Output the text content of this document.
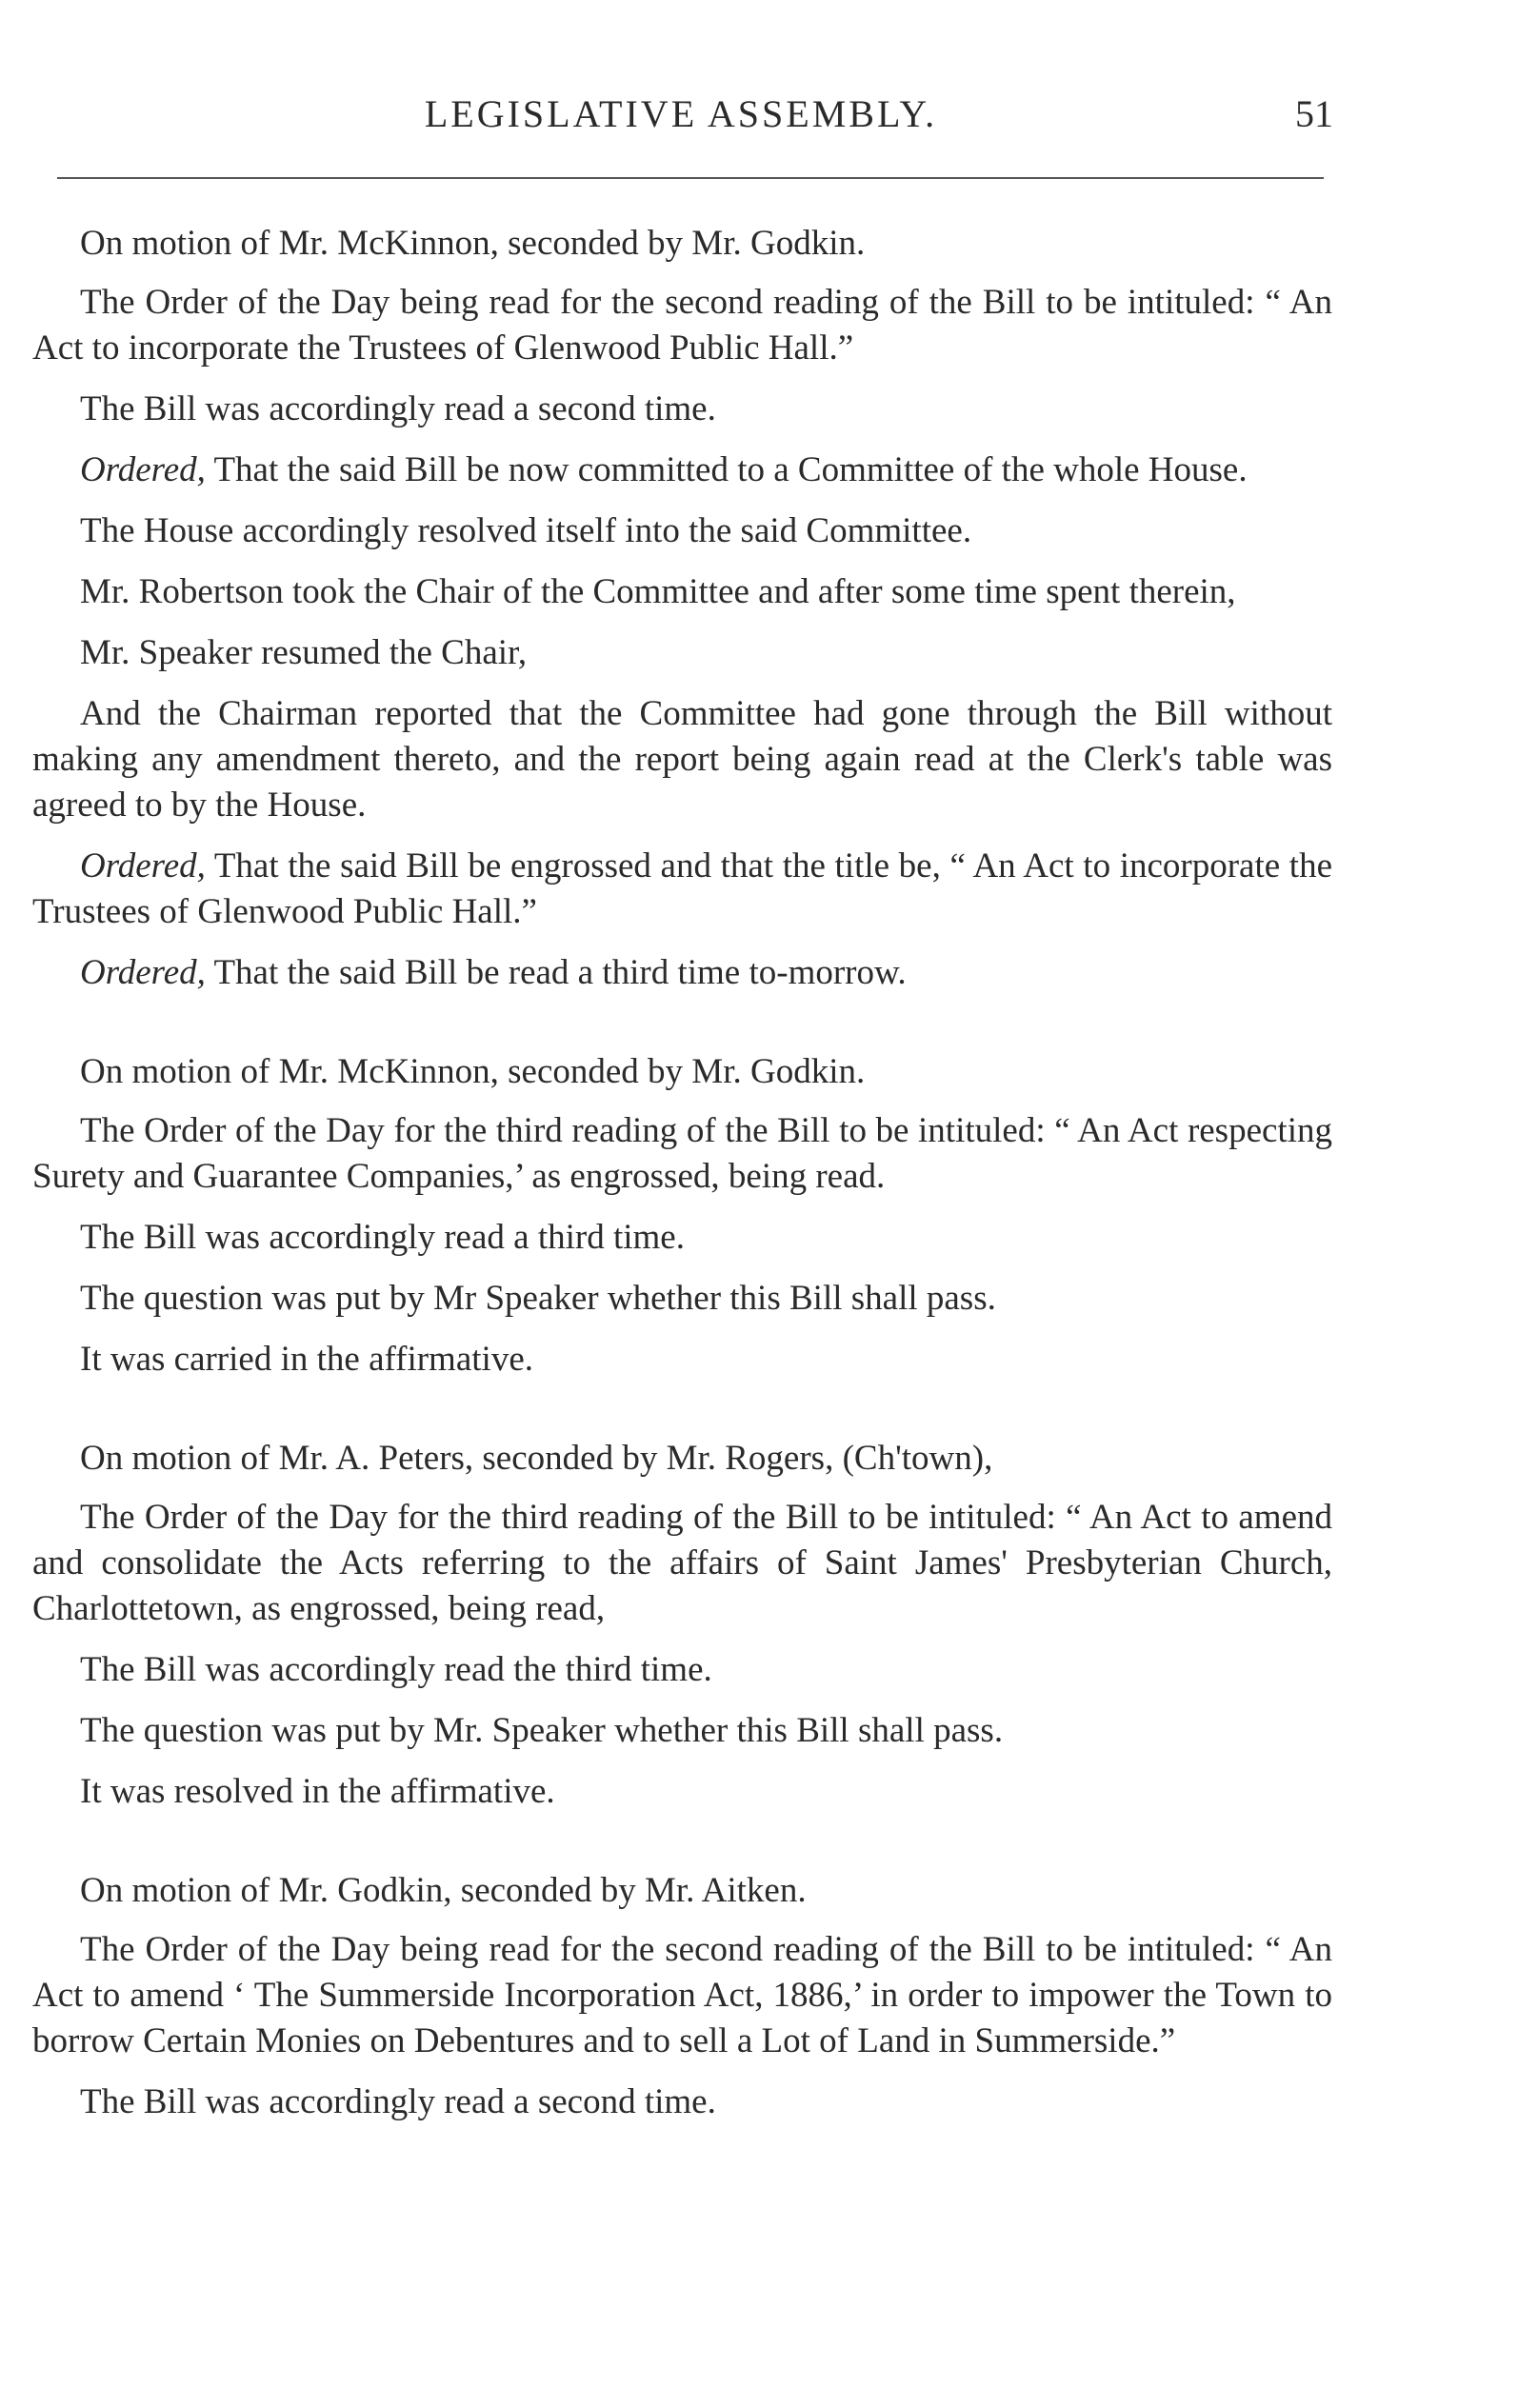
LEGISLATIVE ASSEMBLY.	51

On motion of Mr. McKinnon, seconded by Mr. Godkin.

The Order of the Day being read for the second reading of the Bill to be intituled: “ An Act to incorporate the Trustees of Glenwood Public Hall.”

The Bill was accordingly read a second time.

Ordered, That the said Bill be now committed to a Committee of the whole House.

The House accordingly resolved itself into the said Committee.

Mr. Robertson took the Chair of the Committee and after some time spent therein,

Mr. Speaker resumed the Chair,

And the Chairman reported that the Committee had gone through the Bill without making any amendment thereto, and the report being again read at the Clerk's table was agreed to by the House.

Ordered, That the said Bill be engrossed and that the title be, “ An Act to incorporate the Trustees of Glenwood Public Hall.”

Ordered, That the said Bill be read a third time to-morrow.

On motion of Mr. McKinnon, seconded by Mr. Godkin.

The Order of the Day for the third reading of the Bill to be intituled: “ An Act respecting Surety and Guarantee Companies,’ as engrossed, being read.

The Bill was accordingly read a third time.

The question was put by Mr Speaker whether this Bill shall pass.

It was carried in the affirmative.

On motion of Mr. A. Peters, seconded by Mr. Rogers, (Ch'town),

The Order of the Day for the third reading of the Bill to be intituled: “ An Act to amend and consolidate the Acts referring to the affairs of Saint James' Presbyterian Church, Charlottetown, as engrossed, being read,

The Bill was accordingly read the third time.

The question was put by Mr. Speaker whether this Bill shall pass.

It was resolved in the affirmative.

On motion of Mr. Godkin, seconded by Mr. Aitken.

The Order of the Day being read for the second reading of the Bill to be intituled: “ An Act to amend ‘ The Summerside Incorporation Act, 1886,’ in order to impower the Town to borrow Certain Monies on Debentures and to sell a Lot of Land in Summerside.”

The Bill was accordingly read a second time.
